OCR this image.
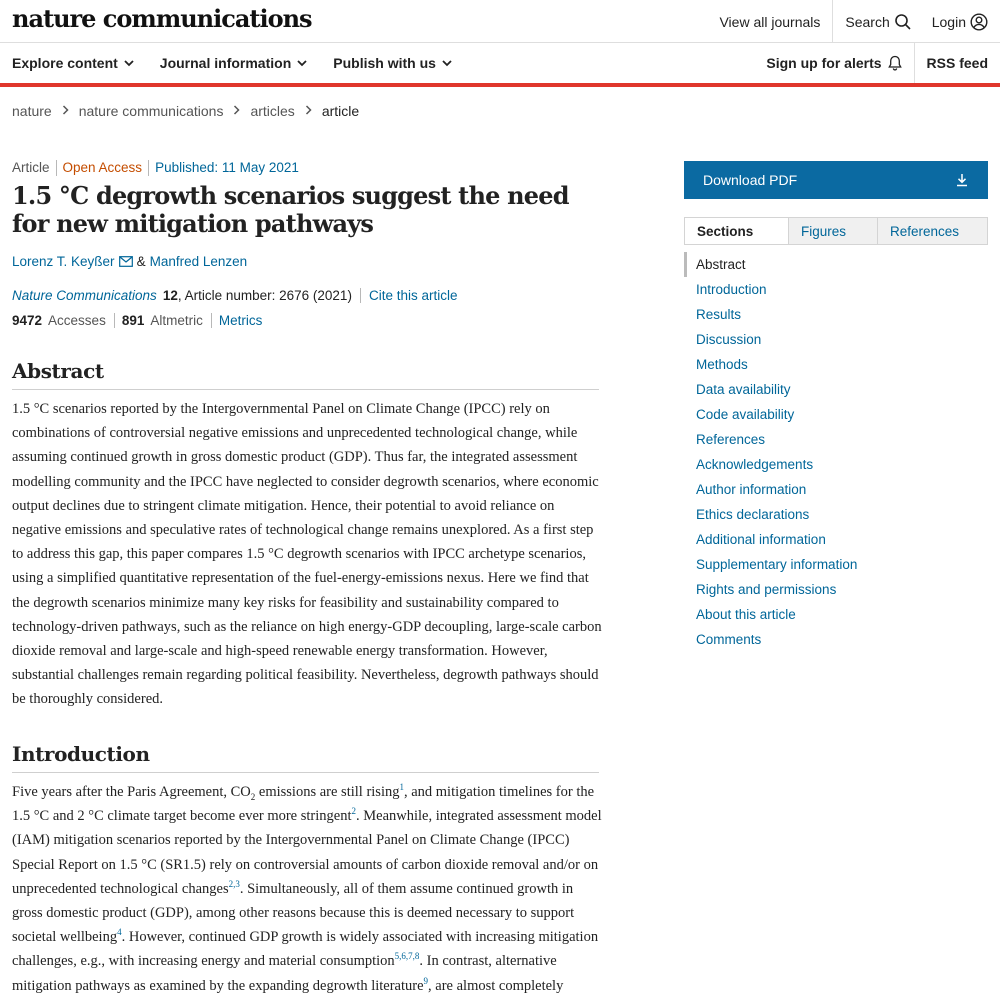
nature communications	View all journals	Search	Login
Explore content	Journal information	Publish with us	Sign up for alerts	RSS feed
nature nature communications articles article
Article Open Access Published: 11 May 2021
1.5 °C degrowth scenarios suggest the need for new mitigation pathways
Lorenz T. Keyßer & Manfred Lenzen
Nature Communications 12 , Article number: 2676 (2021)	Cite this article
9472 Accesses	891 Altmetric	Metrics
Abstract

1.5 °C scenarios reported by the Intergovernmental Panel on Climate Change (IPCC) rely on combinations of controversial negative emissions and unprecedented technological change, while assuming continued growth in gross domestic product (GDP). Thus far, the integrated assessment modelling community and the IPCC have neglected to consider degrowth scenarios, where economic output declines due to stringent climate mitigation. Hence, their potential to avoid reliance on negative emissions and speculative rates of technological change remains unexplored. As a first step to address this gap, this paper compares 1.5 °C degrowth scenarios with IPCC archetype scenarios, using a simplified quantitative representation of the fuel-energy-emissions nexus. Here we find that the degrowth scenarios minimize many key risks for feasibility and sustainability compared to technology-driven pathways, such as the reliance on high energy-GDP decoupling, large-scale carbon dioxide removal and large-scale and high-speed renewable energy transformation. However, substantial challenges remain regarding political feasibility. Nevertheless, degrowth pathways should be thoroughly considered.

Introduction

Five years after the Paris Agreement, $CO_2$ emissions are still rising$^1$, and mitigation timelines for the 1.5 °C and 2 °C climate target become ever more stringent$^2$. Meanwhile, integrated assessment model (IAM) mitigation scenarios reported by the Intergovernmental Panel on Climate Change (IPCC) Special Report on 1.5 °C (SR1.5) rely on controversial amounts of carbon dioxide removal and/or on unprecedented technological changes$^{2,3}$. Simultaneously, all of them assume continued growth in gross domestic product (GDP), among other reasons because this is deemed necessary to support societal wellbeing$^4$. However, continued GDP growth is widely associated with increasing mitigation challenges, e.g., with increasing energy and material consumption$^{5,6,7,8}$. In contrast, alternative mitigation pathways as examined by the expanding degrowth literature$^9$, are almost completely

Download PDF
Sections	Figures	References
Abstract
Introduction
Results
Discussion
Methods
Data availability
Code availability
References
Acknowledgements
Author information
Ethics declarations
Additional information
Supplementary information
Rights and permissions
About this article
Comments
